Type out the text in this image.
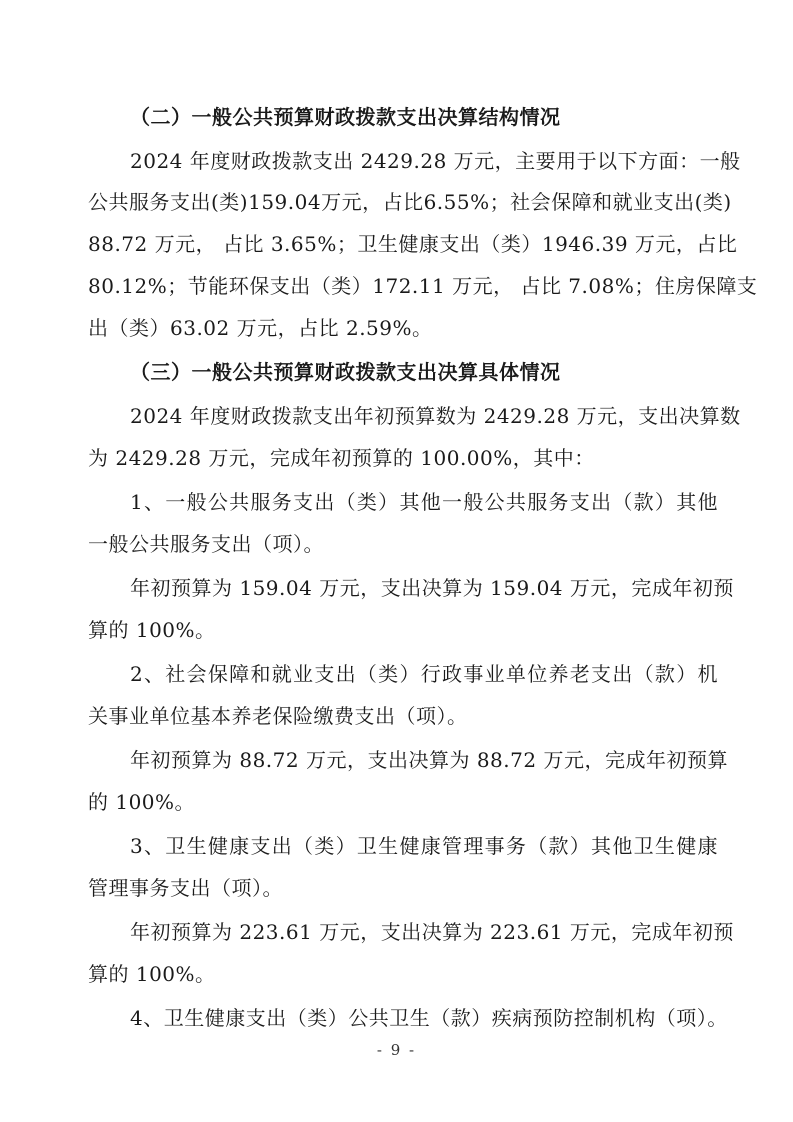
（二）一般公共预算财政拨款支出决算结构情况
2024 年度财政拨款支出 2429.28 万元，主要用于以下方面：一般
公共服务支出(类)159.04万元，占比6.55%；社会保障和就业支出(类)
88.72 万元， 占比 3.65%；卫生健康支出（类）1946.39 万元，占比
80.12%；节能环保支出（类）172.11 万元， 占比 7.08%；住房保障支
出（类）63.02 万元，占比 2.59%。
（三）一般公共预算财政拨款支出决算具体情况
2024 年度财政拨款支出年初预算数为 2429.28 万元，支出决算数
为 2429.28 万元，完成年初预算的 100.00%，其中：
1、一般公共服务支出（类）其他一般公共服务支出（款）其他
一般公共服务支出（项）。
年初预算为 159.04 万元，支出决算为 159.04 万元，完成年初预
算的 100%。
2、社会保障和就业支出（类）行政事业单位养老支出（款）机
关事业单位基本养老保险缴费支出（项）。
年初预算为 88.72 万元，支出决算为 88.72 万元，完成年初预算
的 100%。
3、卫生健康支出（类）卫生健康管理事务（款）其他卫生健康
管理事务支出（项）。
年初预算为 223.61 万元，支出决算为 223.61 万元，完成年初预
算的 100%。
4、卫生健康支出（类）公共卫生（款）疾病预防控制机构（项）。
- 9 -
